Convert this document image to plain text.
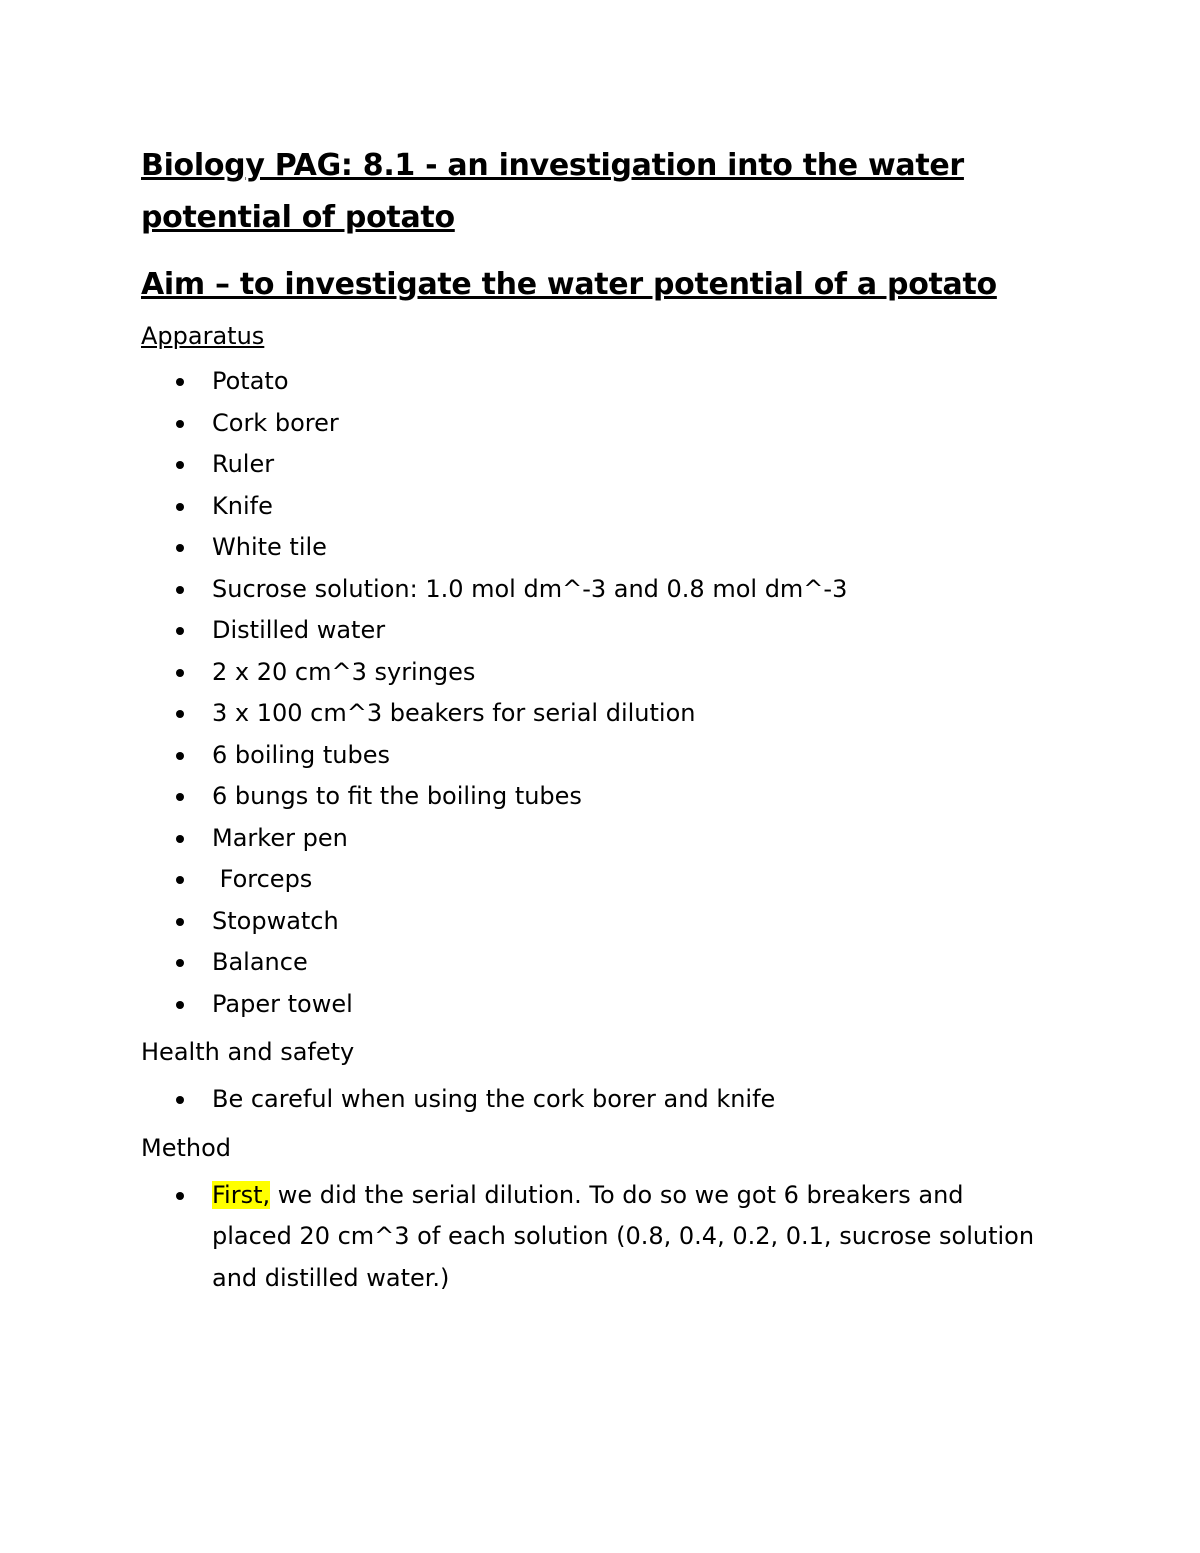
Biology PAG: 8.1 - an investigation into the water potential of potato
Aim – to investigate the water potential of a potato

Apparatus

Potato
Cork borer
Ruler
Knife
White tile
Sucrose solution: 1.0 mol dm^-3 and 0.8 mol dm^-3
Distilled water
2 x 20 cm^3 syringes
3 x 100 cm^3 beakers for serial dilution
6 boiling tubes
6 bungs to fit the boiling tubes
Marker pen
Forceps
Stopwatch
Balance
Paper towel

Health and safety

Be careful when using the cork borer and knife

Method

First, we did the serial dilution. To do so we got 6 breakers and placed 20 cm^3 of each solution (0.8, 0.4, 0.2, 0.1, sucrose solution and distilled water.)
